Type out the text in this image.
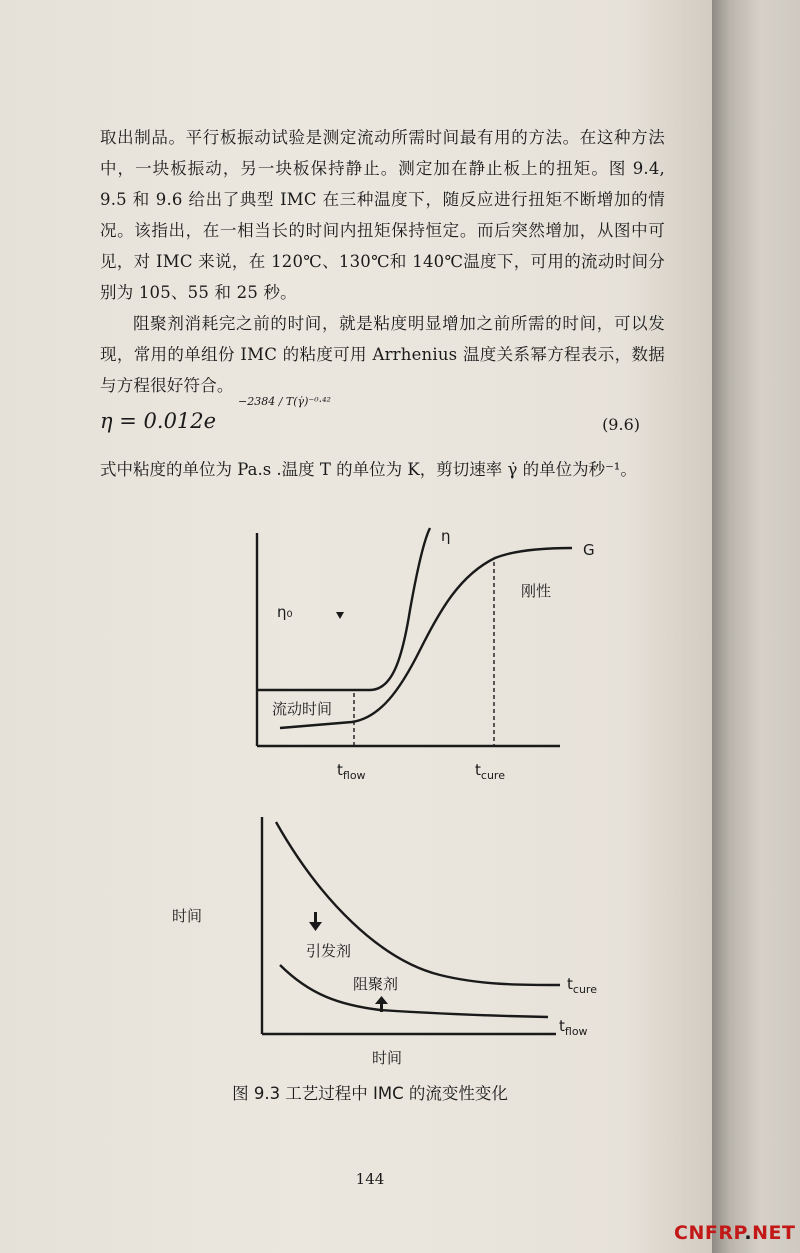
取出制品。平行板振动试验是测定流动所需时间最有用的方法。在这种方法中，一块板振动，另一块板保持静止。测定加在静止板上的扭矩。图 9.4, 9.5 和 9.6 给出了典型 IMC 在三种温度下，随反应进行扭矩不断增加的情况。该指出，在一相当长的时间内扭矩保持恒定。而后突然增加，从图中可见，对 IMC 来说，在 120℃、130℃和 140℃温度下，可用的流动时间分别为 105、55 和 25 秒。

阻聚剂消耗完之前的时间，就是粘度明显增加之前所需的时间，可以发现，常用的单组份 IMC 的粘度可用 Arrhenius 温度关系幂方程表示，数据与方程很好符合。

η = 0.012e
−2384 / T(γ̇)⁻⁰·⁴²
(9.6)
式中粘度的单位为 Pa.s .温度 T 的单位为 K，剪切速率 γ̇ 的单位为秒⁻¹。
η
G
η₀
刚性
流动时间
$t_{flow}$	$t_{cure}$
时间
引发剂
阻聚剂	$t_{cure}$
$t_{flow}$
时间
图 9.3 工艺过程中 IMC 的流变性变化
144
CNFRP.NET
